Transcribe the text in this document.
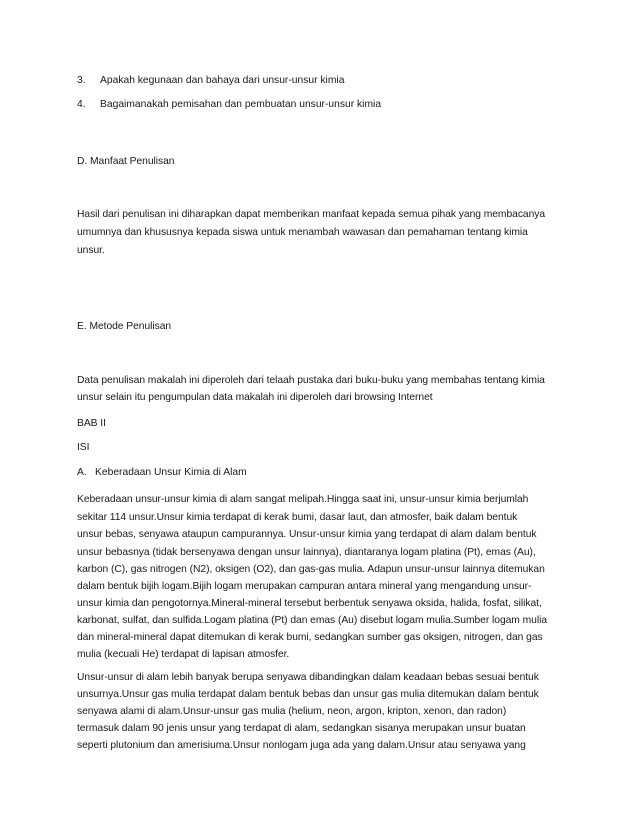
3. Apakah kegunaan dan bahaya dari unsur-unsur kimia
4. Bagaimanakah pemisahan dan pembuatan unsur-unsur kimia
D. Manfaat Penulisan
Hasil dari penulisan ini diharapkan dapat memberikan manfaat kepada semua pihak yang membacanya
umumnya dan khususnya kepada siswa untuk menambah wawasan dan pemahaman tentang kimia
unsur.
E. Metode Penulisan
Data penulisan makalah ini diperoleh dari telaah pustaka dari buku-buku yang membahas tentang kimia
unsur selain itu pengumpulan data makalah ini diperoleh dari browsing Internet
BAB II
ISI
A. Keberadaan Unsur Kimia di Alam
Keberadaan unsur-unsur kimia di alam sangat melipah.Hingga saat ini, unsur-unsur kimia berjumlah
sekitar 114 unsur.Unsur kimia terdapat di kerak bumi, dasar laut, dan atmosfer, baik dalam bentuk
unsur bebas, senyawa ataupun campurannya. Unsur-unsur kimia yang terdapat di alam dalam bentuk
unsur bebasnya (tidak bersenyawa dengan unsur lainnya), diantaranya logam platina (Pt), emas (Au),
karbon (C), gas nitrogen (N2), oksigen (O2), dan gas-gas mulia. Adapun unsur-unsur lainnya ditemukan
dalam bentuk bijih logam.Bijih logam merupakan campuran antara mineral yang mengandung unsur-
unsur kimia dan pengotornya.Mineral-mineral tersebut berbentuk senyawa oksida, halida, fosfat, silikat,
karbonat, sulfat, dan sulfida.Logam platina (Pt) dan emas (Au) disebut logam mulia.Sumber logam mulia
dan mineral-mineral dapat ditemukan di kerak bumi, sedangkan sumber gas oksigen, nitrogen, dan gas
mulia (kecuali He) terdapat di lapisan atmosfer.
Unsur-unsur di alam lebih banyak berupa senyawa dibandingkan dalam keadaan bebas sesuai bentuk
unsurnya.Unsur gas mulia terdapat dalam bentuk bebas dan unsur gas mulia ditemukan dalam bentuk
senyawa alami di alam.Unsur-unsur gas mulia (helium, neon, argon, kripton, xenon, dan radon)
termasuk dalam 90 jenis unsur yang terdapat di alam, sedangkan sisanya merupakan unsur buatan
seperti plutonium dan amerisiuma.Unsur nonlogam juga ada yang dalam.Unsur atau senyawa yang
